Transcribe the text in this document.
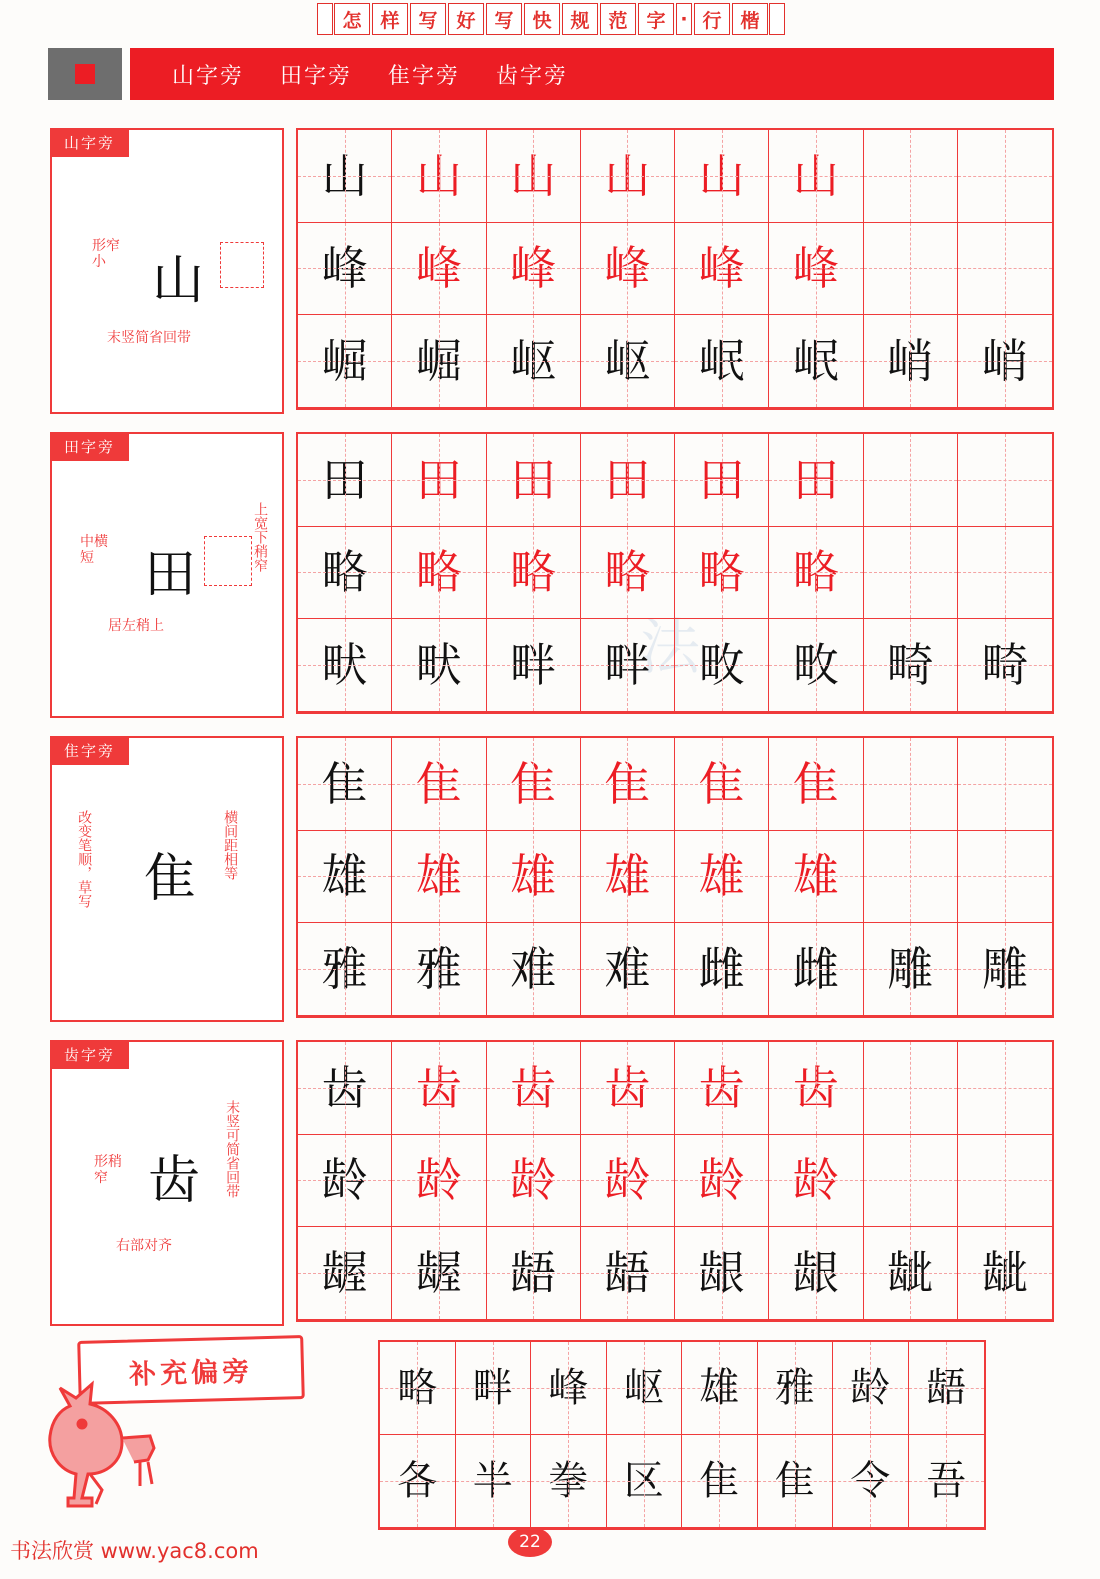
法
怎 样 写 好 写 快 规 范 字 · 行 楷
山字旁 田字旁 隹字旁 齿字旁
山字旁
形窄小 山
末竖简省回带
山	山	山	山	山	山
峰	峰	峰	峰	峰	峰
崛	崛	岖	岖	岷	岷	峭	峭
田字旁
中横短 田
上宽下稍窄
居左稍上
田	田	田	田	田	田
略	略	略	略	略	略
畎	畎	畔	畔	畋	畋	畸	畸
隹字旁
改变笔顺，草写 隹 横间距相等
隹	隹	隹	隹	隹	隹
雄	雄	雄	雄	雄	雄
雅	雅	难	难	雌	雌	雕	雕
齿字旁
形稍窄 齿 末竖可简省回带
右部对齐
齿	齿	齿	齿	齿	齿
龄	龄	龄	龄	龄	龄
龌	龌	龉	龉	龈	龈	龇	龇
补充偏旁	略 畔 峰 岖 雄 雅 龄 龉
各 半 拳 区 隹 隹 令 吾
书法欣赏 www.yac8.com	22
